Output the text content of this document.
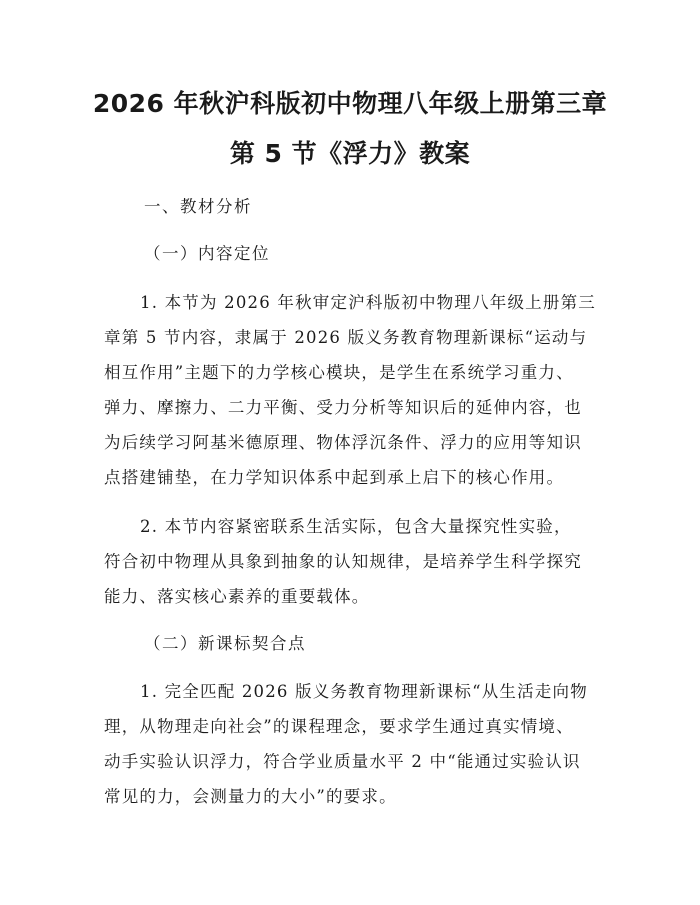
2026 年秋沪科版初中物理八年级上册第三章
第 5 节《浮力》教案
一、教材分析
（一）内容定位
1. 本节为 2026 年秋审定沪科版初中物理八年级上册第三
章第 5 节内容，隶属于 2026 版义务教育物理新课标“运动与
相互作用”主题下的力学核心模块，是学生在系统学习重力、
弹力、摩擦力、二力平衡、受力分析等知识后的延伸内容，也
为后续学习阿基米德原理、物体浮沉条件、浮力的应用等知识
点搭建铺垫，在力学知识体系中起到承上启下的核心作用。
2. 本节内容紧密联系生活实际，包含大量探究性实验，
符合初中物理从具象到抽象的认知规律，是培养学生科学探究
能力、落实核心素养的重要载体。
（二）新课标契合点
1. 完全匹配 2026 版义务教育物理新课标“从生活走向物
理，从物理走向社会”的课程理念，要求学生通过真实情境、
动手实验认识浮力，符合学业质量水平 2 中“能通过实验认识
常见的力，会测量力的大小”的要求。
